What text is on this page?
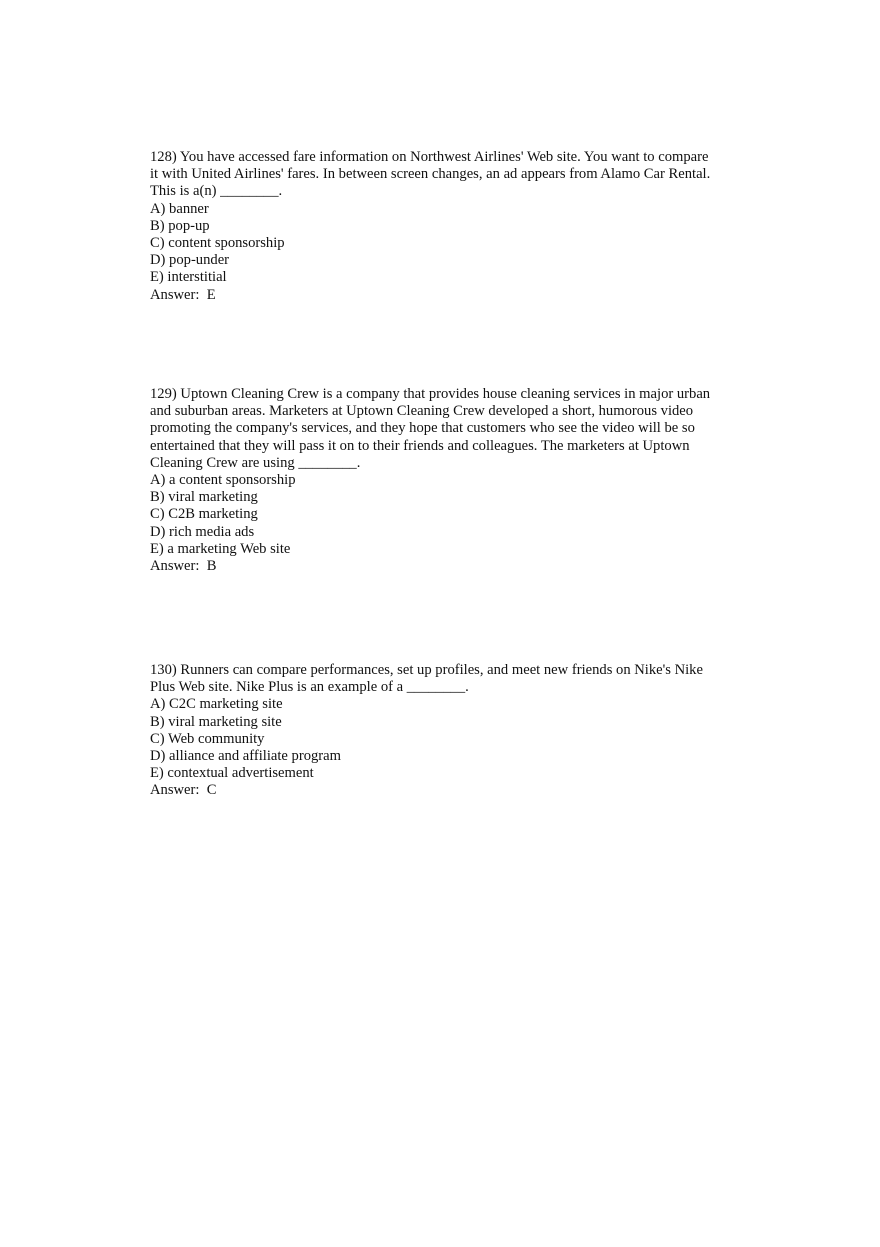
128) You have accessed fare information on Northwest Airlines' Web site. You want to compare
it with United Airlines' fares. In between screen changes, an ad appears from Alamo Car Rental.
This is a(n) ________.
A) banner
B) pop-up
C) content sponsorship
D) pop-under
E) interstitial
Answer:  E
129) Uptown Cleaning Crew is a company that provides house cleaning services in major urban
and suburban areas. Marketers at Uptown Cleaning Crew developed a short, humorous video
promoting the company's services, and they hope that customers who see the video will be so
entertained that they will pass it on to their friends and colleagues. The marketers at Uptown
Cleaning Crew are using ________.
A) a content sponsorship
B) viral marketing
C) C2B marketing
D) rich media ads
E) a marketing Web site
Answer:  B
130) Runners can compare performances, set up profiles, and meet new friends on Nike's Nike
Plus Web site. Nike Plus is an example of a ________.
A) C2C marketing site
B) viral marketing site
C) Web community
D) alliance and affiliate program
E) contextual advertisement
Answer:  C
